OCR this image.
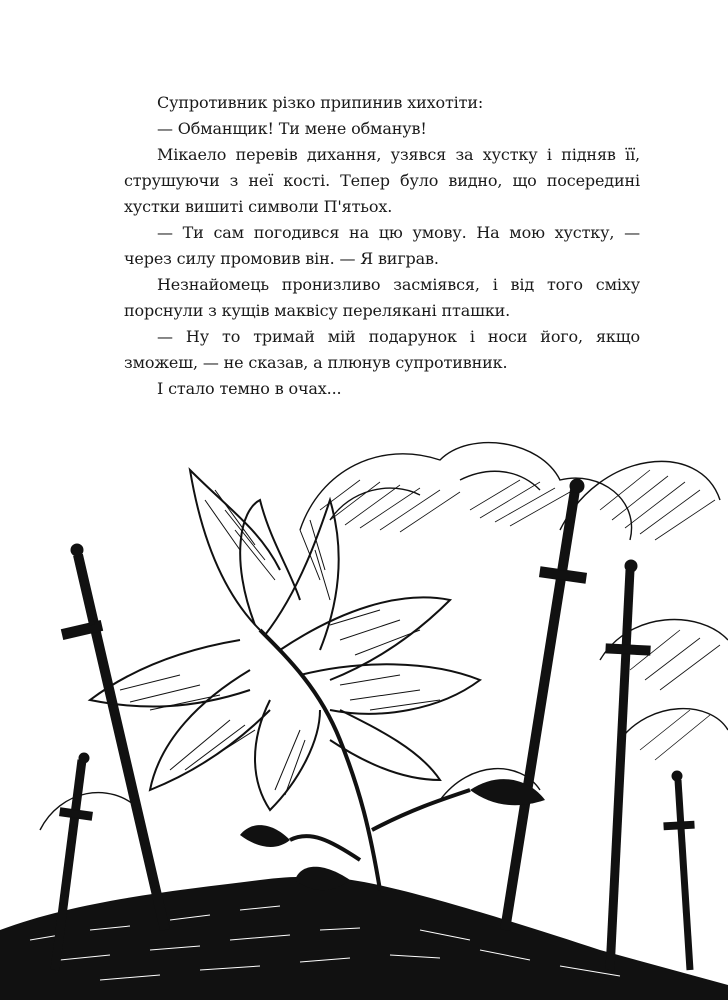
Супротивник різко припинив хихотіти:

— Обманщик! Ти мене обманув!

Мікаело перевів дихання, узявся за хустку і підняв її, струшуючи з неї кості. Тепер було видно, що посередині хустки вишиті символи П'ятьох.

— Ти сам погодився на цю умову. На мою хустку, — через силу промовив він. — Я виграв.

Незнайомець пронизливо засміявся, і від того сміху порснули з кущів маквісу переляканi пташки.

— Ну то тримай мій подарунок і носи його, якщо зможеш, — не сказав, а плюнув супротивник.

І стало темно в очах...
